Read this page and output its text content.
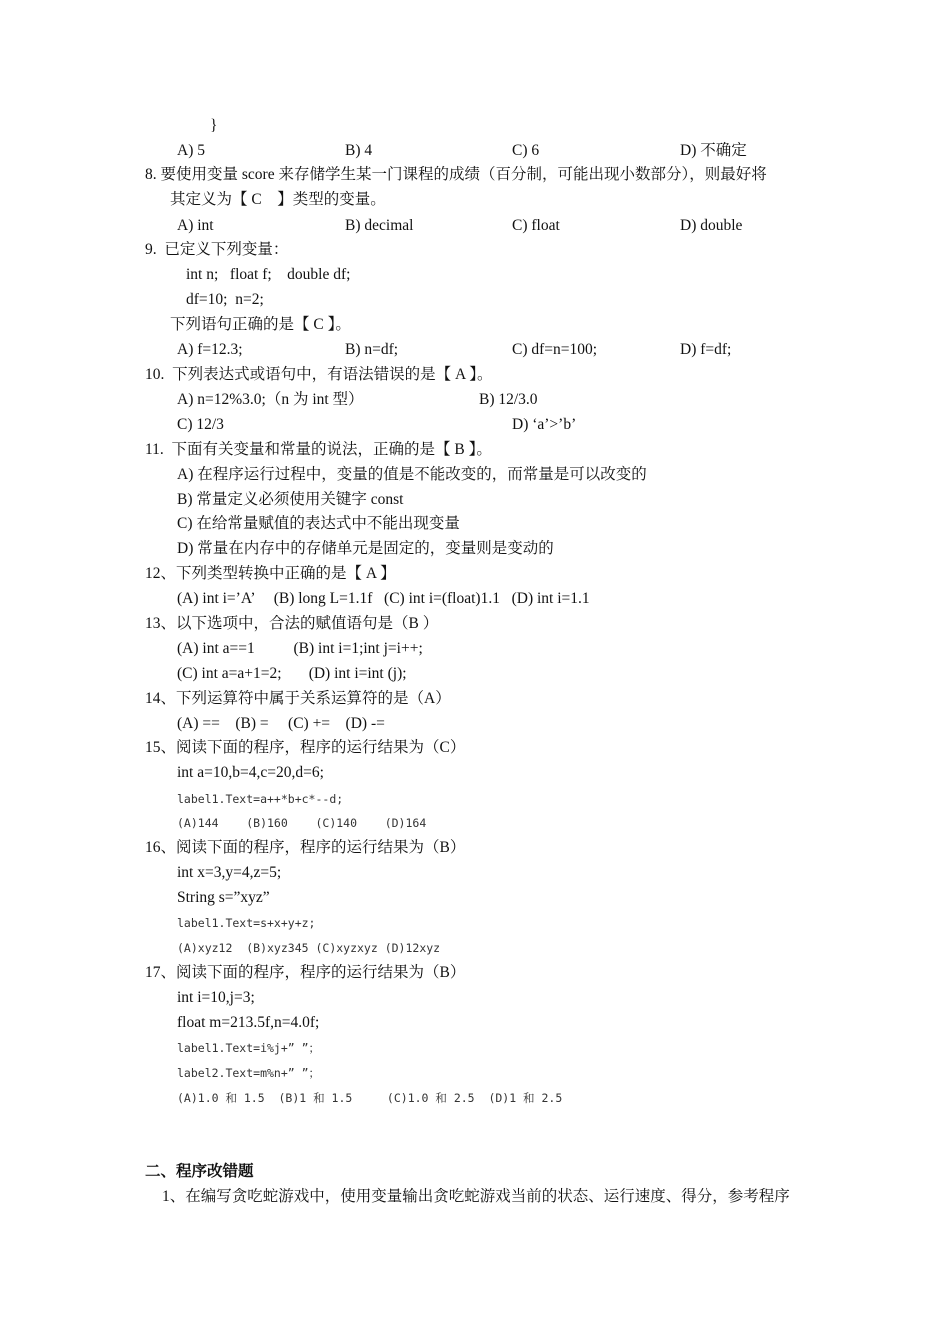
}
A) 5	B) 4	C) 6	D) 不确定
8. 要使用变量 score 来存储学生某一门课程的成绩（百分制，可能出现小数部分），则最好将
其定义为【 C    】类型的变量。
A) int	B) decimal	C) float	D) double
9.  已定义下列变量：
int n;   float f;    double df;
df=10;  n=2;
下列语句正确的是【 C 】。
A) f=12.3;	B) n=df;	C) df=n=100;	D) f=df;
10.  下列表达式或语句中，有语法错误的是【 A 】。
A) n=12%3.0;（n 为 int 型）	B) 12/3.0
C) 12/3	D) ‘a’>’b’
11.  下面有关变量和常量的说法，正确的是【 B 】。
A) 在程序运行过程中，变量的值是不能改变的，而常量是可以改变的
B) 常量定义必须使用关键字 const
C) 在给常量赋值的表达式中不能出现变量
D) 常量在内存中的存储单元是固定的，变量则是变动的
12、下列类型转换中正确的是【 A 】
(A) int i=’A’     (B) long L=1.1f   (C) int i=(float)1.1   (D) int i=1.1
13、以下选项中，合法的赋值语句是（B ）
(A) int a==1          (B) int i=1;int j=i++;
(C) int a=a+1=2;       (D) int i=int (j);
14、下列运算符中属于关系运算符的是（A）
(A) ==    (B) =     (C) +=    (D) -=
15、阅读下面的程序，程序的运行结果为（C）
int a=10,b=4,c=20,d=6;
label1.Text=a++*b+c*--d;
(A)144    (B)160    (C)140    (D)164
16、阅读下面的程序，程序的运行结果为（B）
int x=3,y=4,z=5;
String s=”xyz”
label1.Text=s+x+y+z;
(A)xyz12  (B)xyz345 (C)xyzxyz (D)12xyz
17、阅读下面的程序，程序的运行结果为（B）
int i=10,j=3;
float m=213.5f,n=4.0f;
label1.Text=i%j+” ”；
label2.Text=m%n+” ”；
(A)1.0 和 1.5  (B)1 和 1.5     (C)1.0 和 2.5  (D)1 和 2.5
二、程序改错题
1、在编写贪吃蛇游戏中，使用变量输出贪吃蛇游戏当前的状态、运行速度、得分，参考程序
